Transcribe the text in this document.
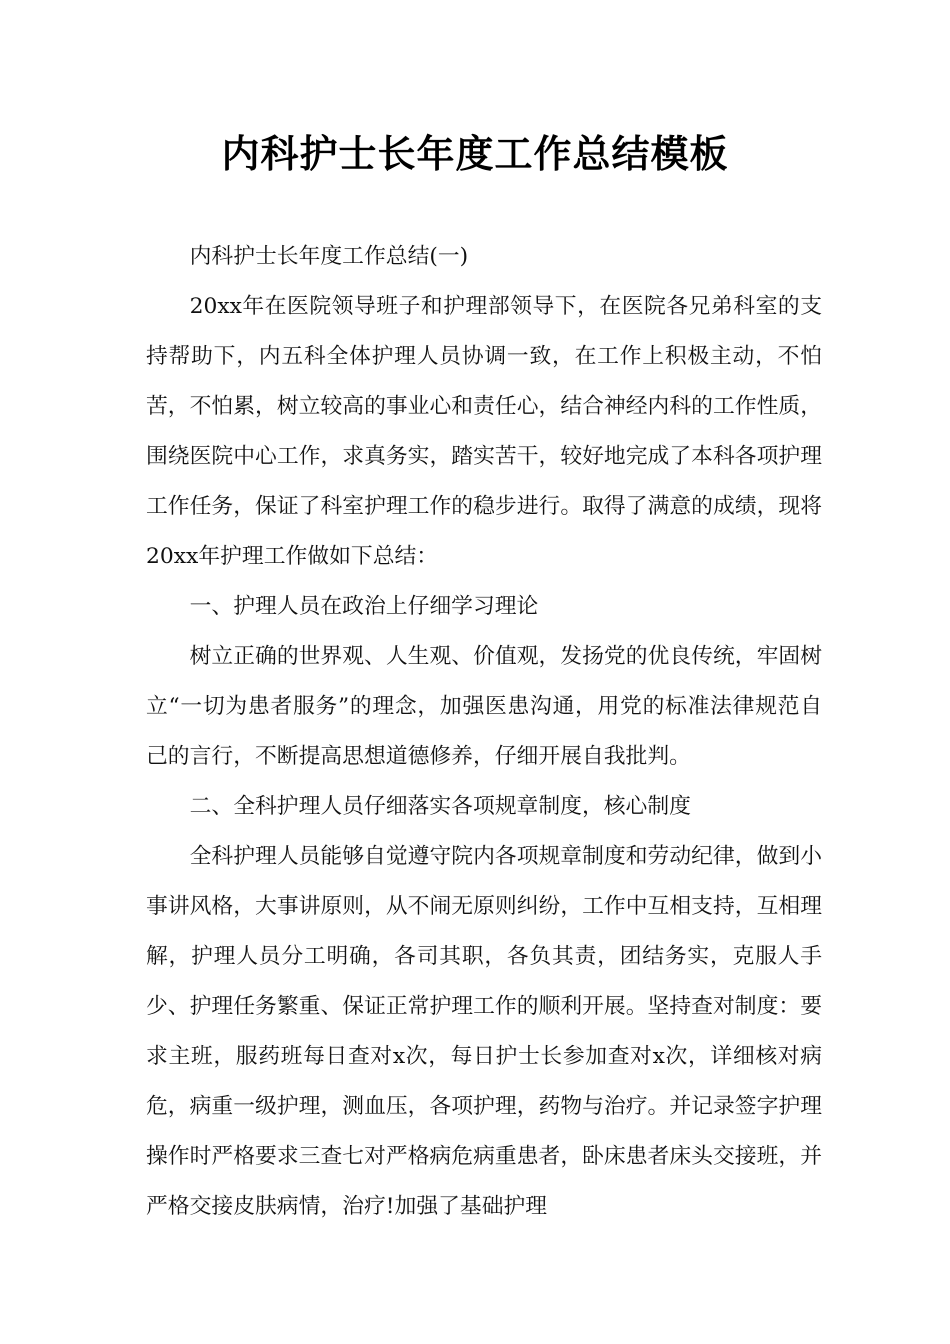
内科护士长年度工作总结模板

内科护士长年度工作总结(一)

20xx年在医院领导班子和护理部领导下，在医院各兄弟科室的支持帮助下，内五科全体护理人员协调一致，在工作上积极主动，不怕苦，不怕累，树立较高的事业心和责任心，结合神经内科的工作性质，围绕医院中心工作，求真务实，踏实苦干，较好地完成了本科各项护理工作任务，保证了科室护理工作的稳步进行。取得了满意的成绩，现将20xx年护理工作做如下总结：

一、护理人员在政治上仔细学习理论

树立正确的世界观、人生观、价值观，发扬党的优良传统，牢固树立“一切为患者服务”的理念，加强医患沟通，用党的标准法律规范自己的言行，不断提高思想道德修养，仔细开展自我批判。

二、全科护理人员仔细落实各项规章制度，核心制度

全科护理人员能够自觉遵守院内各项规章制度和劳动纪律，做到小事讲风格，大事讲原则，从不闹无原则纠纷，工作中互相支持，互相理解，护理人员分工明确，各司其职，各负其责，团结务实，克服人手少、护理任务繁重、保证正常护理工作的顺利开展。坚持查对制度：要求主班，服药班每日查对x次，每日护士长参加查对x次，详细核对病危，病重一级护理，测血压，各项护理，药物与治疗。并记录签字护理操作时严格要求三查七对严格病危病重患者，卧床患者床头交接班，并严格交接皮肤病情，治疗!加强了基础护理
